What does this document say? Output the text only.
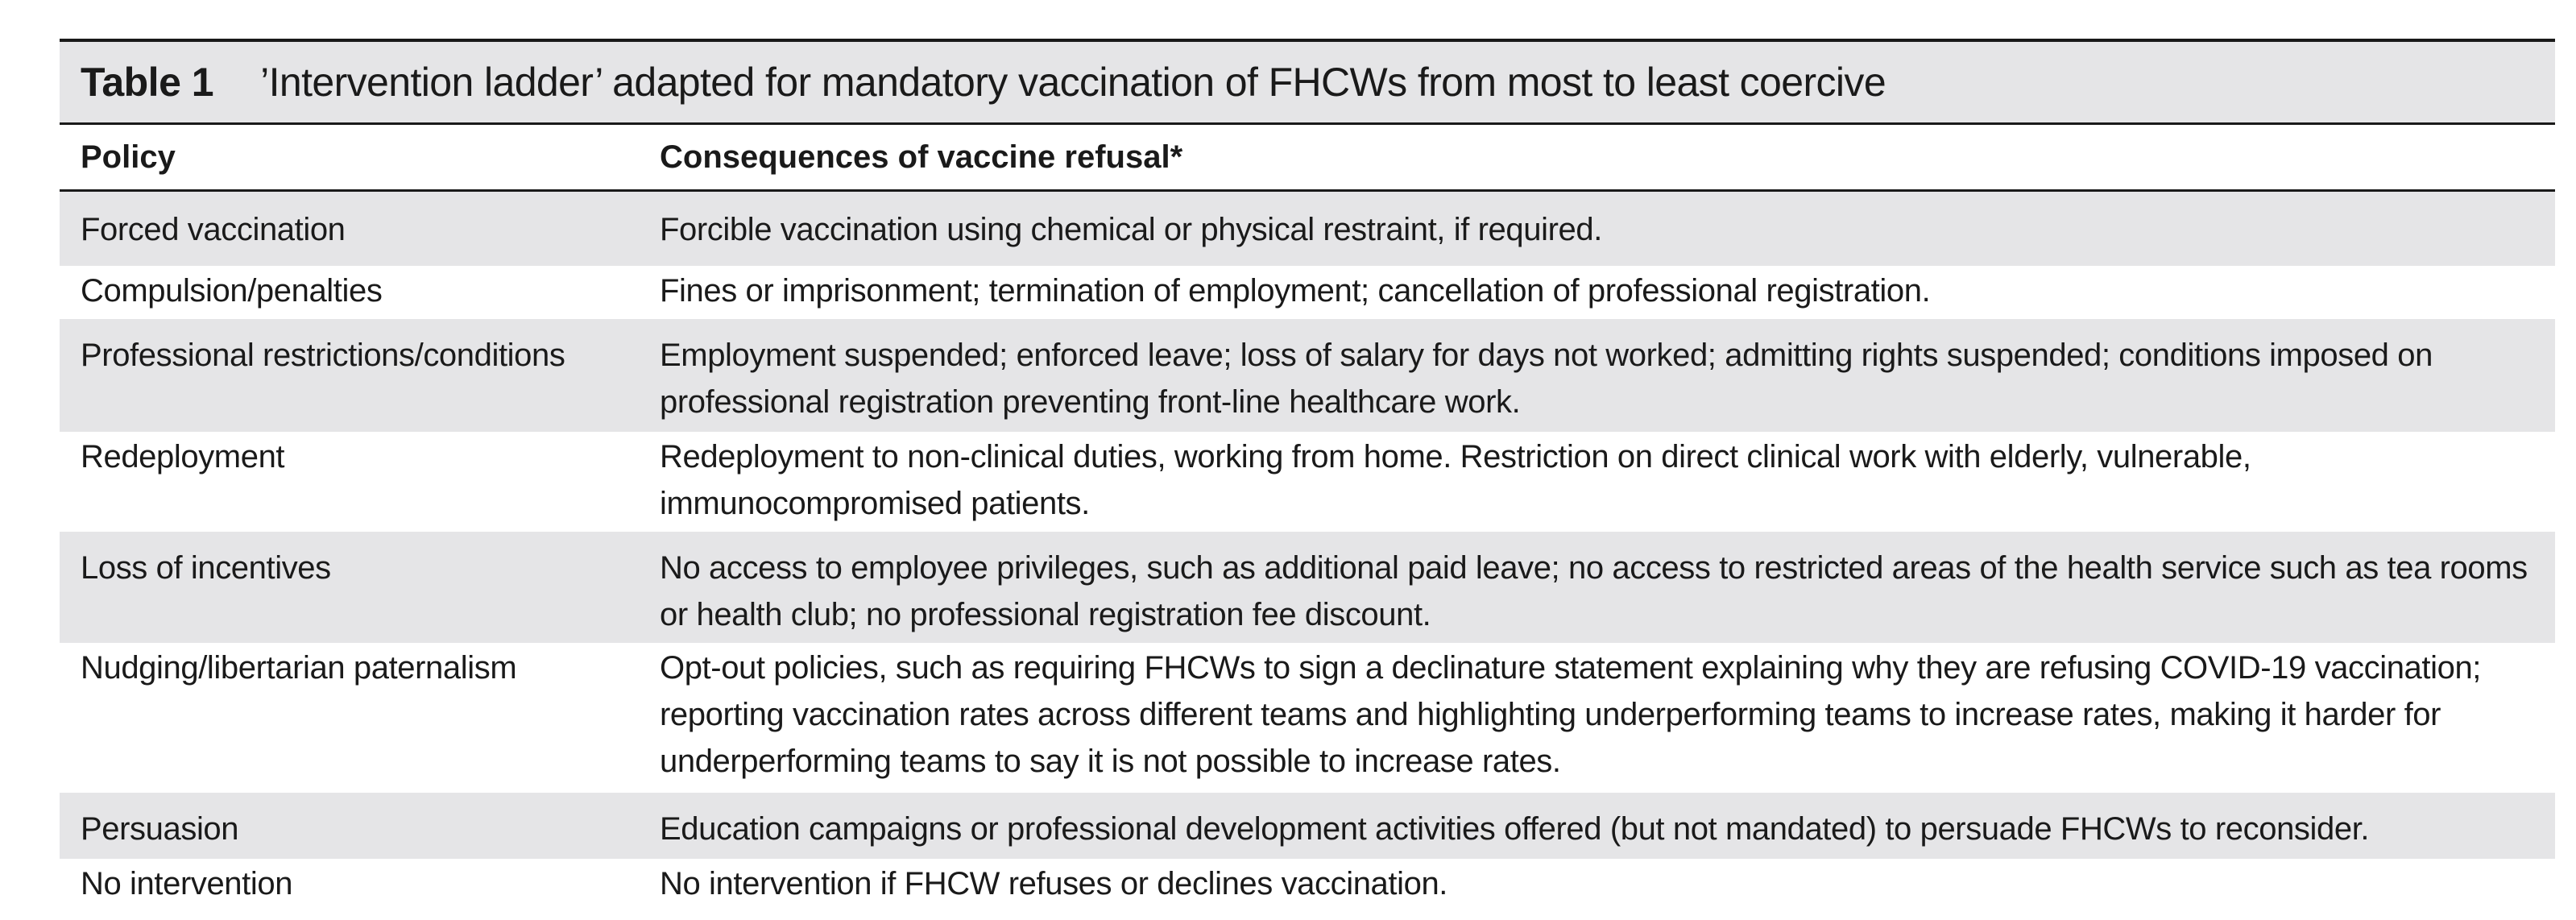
Table 1 ’Intervention ladder’ adapted for mandatory vaccination of FHCWs from most to least coercive
Policy	Consequences of vaccine refusal*
Forced vaccination	Forcible vaccination using chemical or physical restraint, if required.
Compulsion/penalties	Fines or imprisonment; termination of employment; cancellation of professional registration.
Professional restrictions/conditions	Employment suspended; enforced leave; loss of salary for days not worked; admitting rights suspended; conditions imposed on professional registration preventing front-line healthcare work.
Redeployment	Redeployment to non-clinical duties, working from home. Restriction on direct clinical work with elderly, vulnerable, immunocompromised patients.
Loss of incentives	No access to employee privileges, such as additional paid leave; no access to restricted areas of the health service such as tea rooms or health club; no professional registration fee discount.
Nudging/libertarian paternalism	Opt-out policies, such as requiring FHCWs to sign a declinature statement explaining why they are refusing COVID-19 vaccination; reporting vaccination rates across different teams and highlighting underperforming teams to increase rates, making it harder for underperforming teams to say it is not possible to increase rates.
Persuasion	Education campaigns or professional development activities offered (but not mandated) to persuade FHCWs to reconsider.
No intervention	No intervention if FHCW refuses or declines vaccination.
